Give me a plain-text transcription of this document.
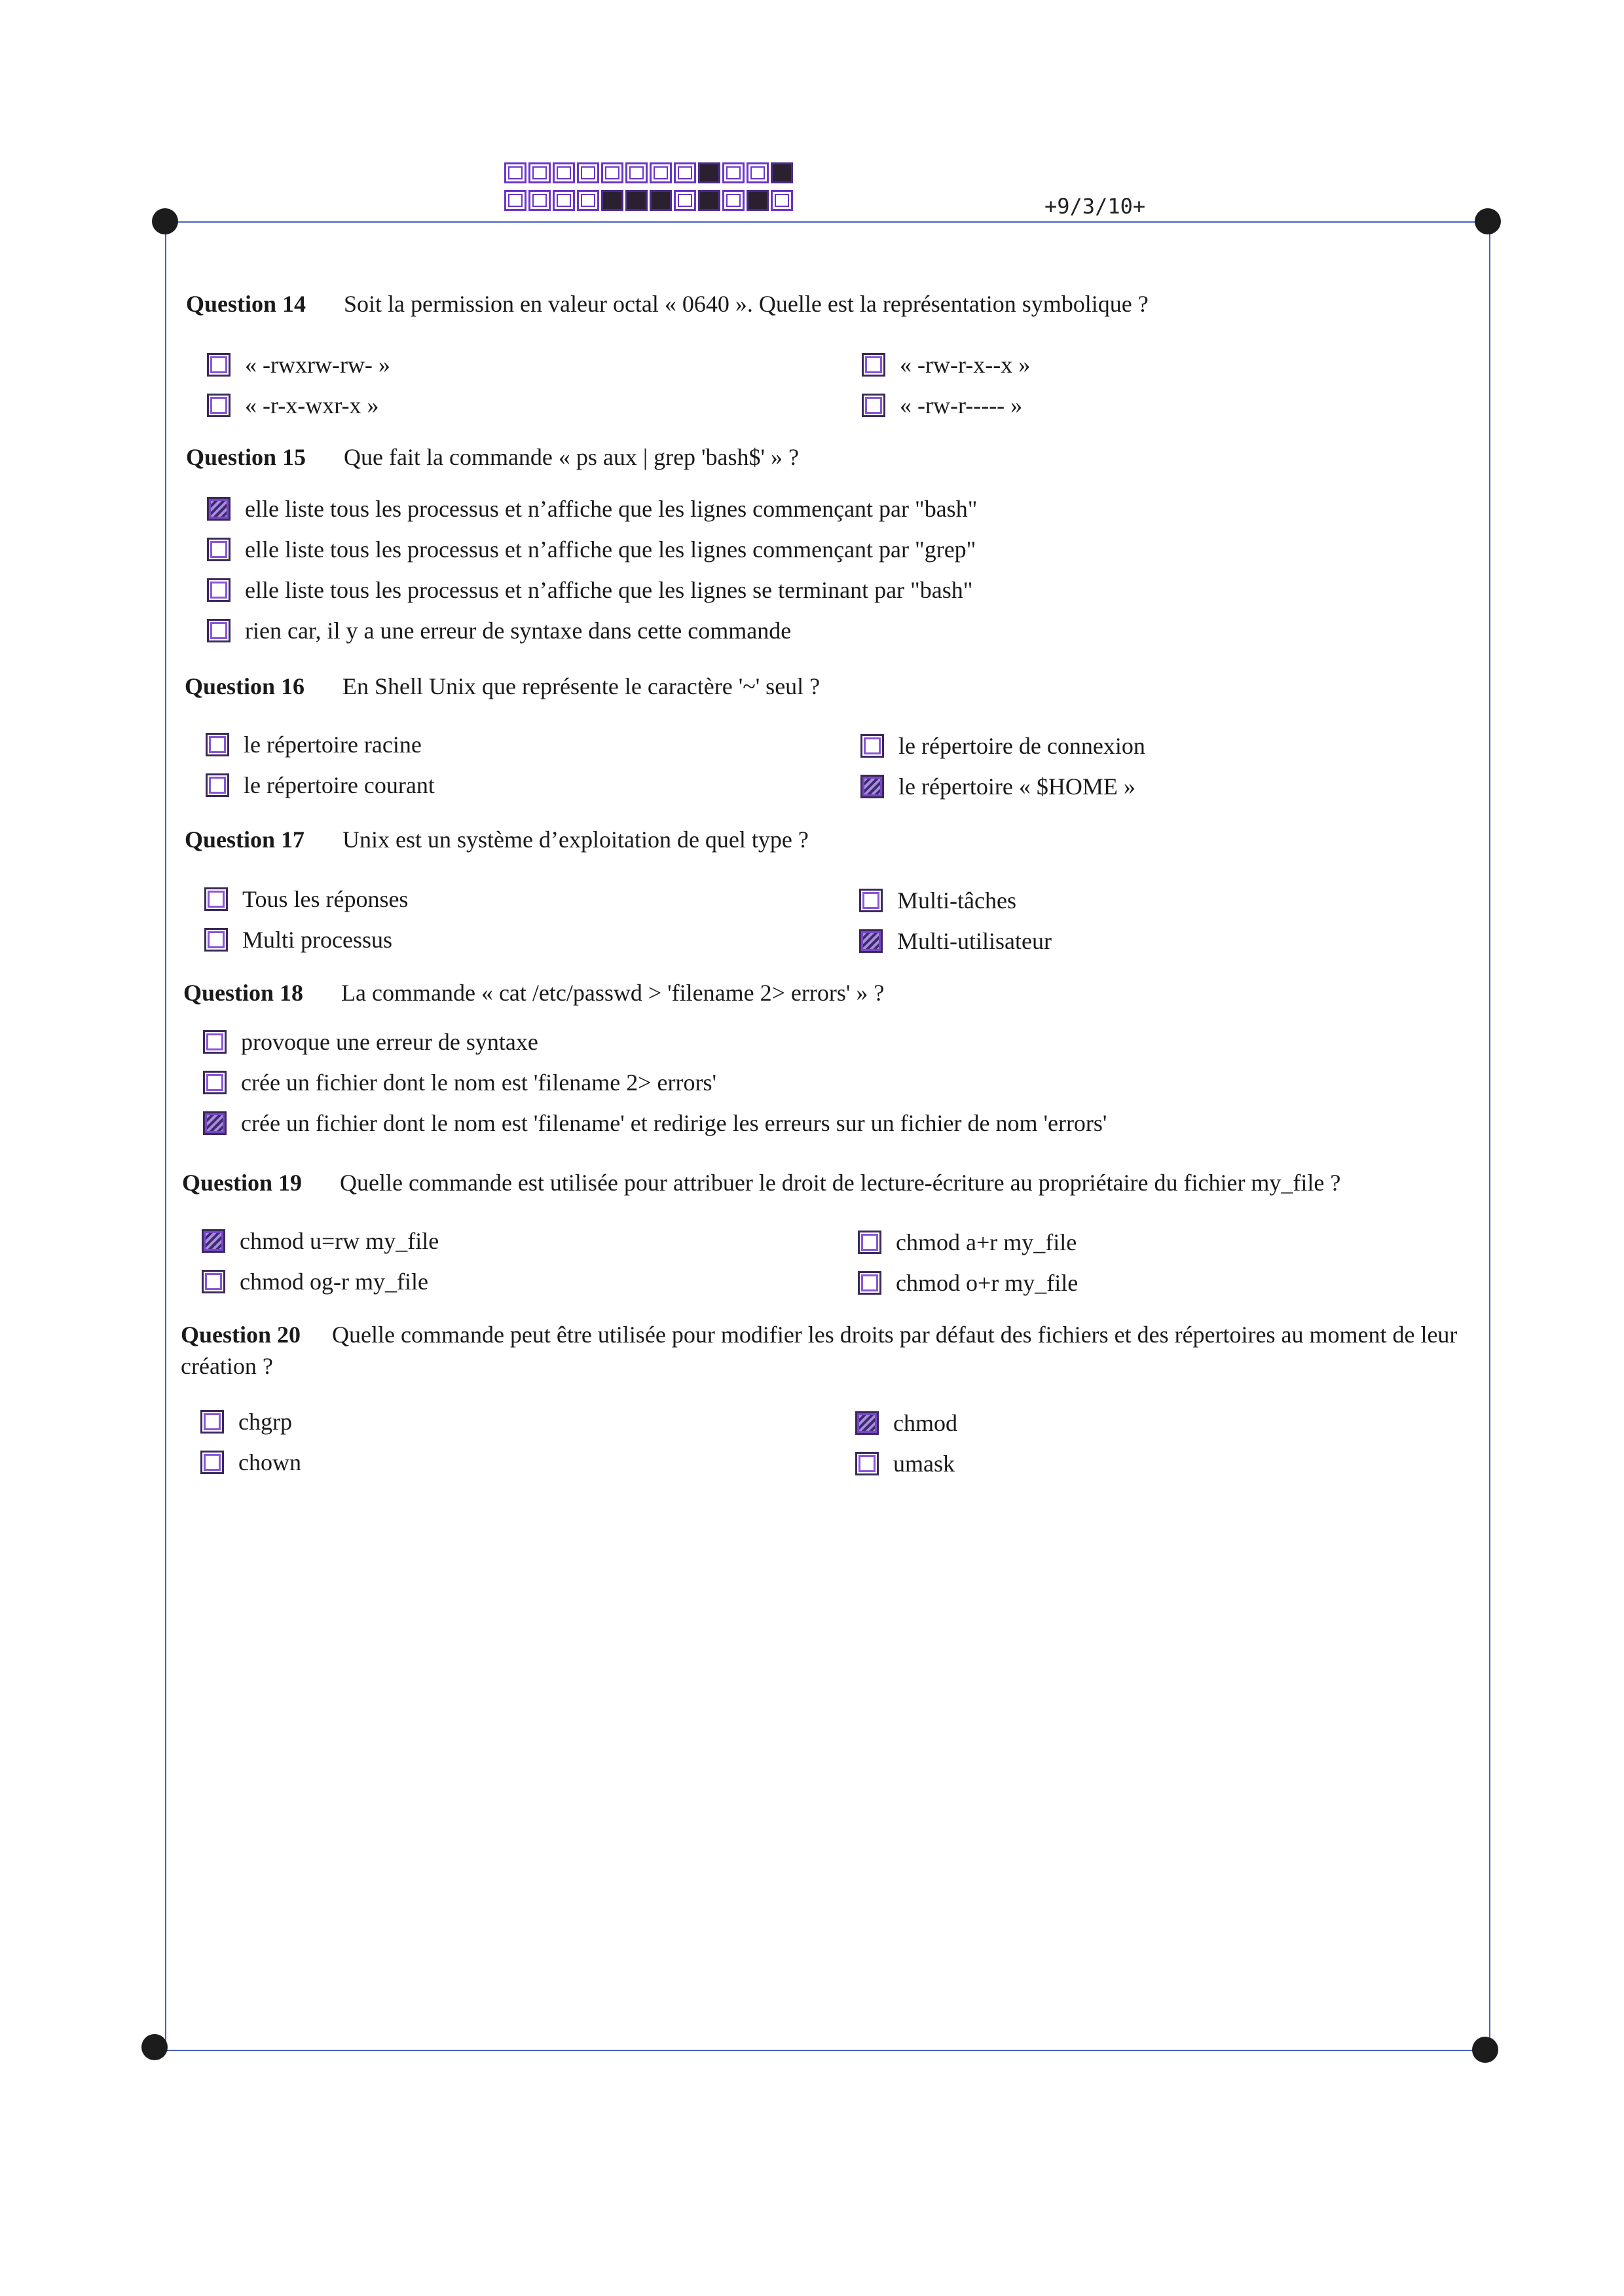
+9/3/10+
Question 14 Soit la permission en valeur octal « 0640 ». Quelle est la représentation symbolique ?
« -rwxrw-rw- »
« -r-x-wxr-x »
« -rw-r-x--x »
« -rw-r----- »
Question 15 Que fait la commande « ps aux | grep 'bash$' » ?
elle liste tous les processus et n’affiche que les lignes commençant par "bash"
elle liste tous les processus et n’affiche que les lignes commençant par "grep"
elle liste tous les processus et n’affiche que les lignes se terminant par "bash"
rien car, il y a une erreur de syntaxe dans cette commande
Question 16 En Shell Unix que représente le caractère '~' seul ?
le répertoire racine
le répertoire courant
le répertoire de connexion
le répertoire « $HOME »
Question 17 Unix est un système d’exploitation de quel type ?
Tous les réponses
Multi processus
Multi-tâches
Multi-utilisateur
Question 18 La commande « cat /etc/passwd > 'filename 2> errors' » ?
provoque une erreur de syntaxe
crée un fichier dont le nom est 'filename 2> errors'
crée un fichier dont le nom est 'filename' et redirige les erreurs sur un fichier de nom 'errors'
Question 19 Quelle commande est utilisée pour attribuer le droit de lecture-écriture au propriétaire du fichier my_file ?
chmod u=rw my_file
chmod og-r my_file
chmod a+r my_file
chmod o+r my_file
Question 20 Quelle commande peut être utilisée pour modifier les droits par défaut des fichiers et des répertoires au moment de leur création ?
chgrp
chown
chmod
umask
